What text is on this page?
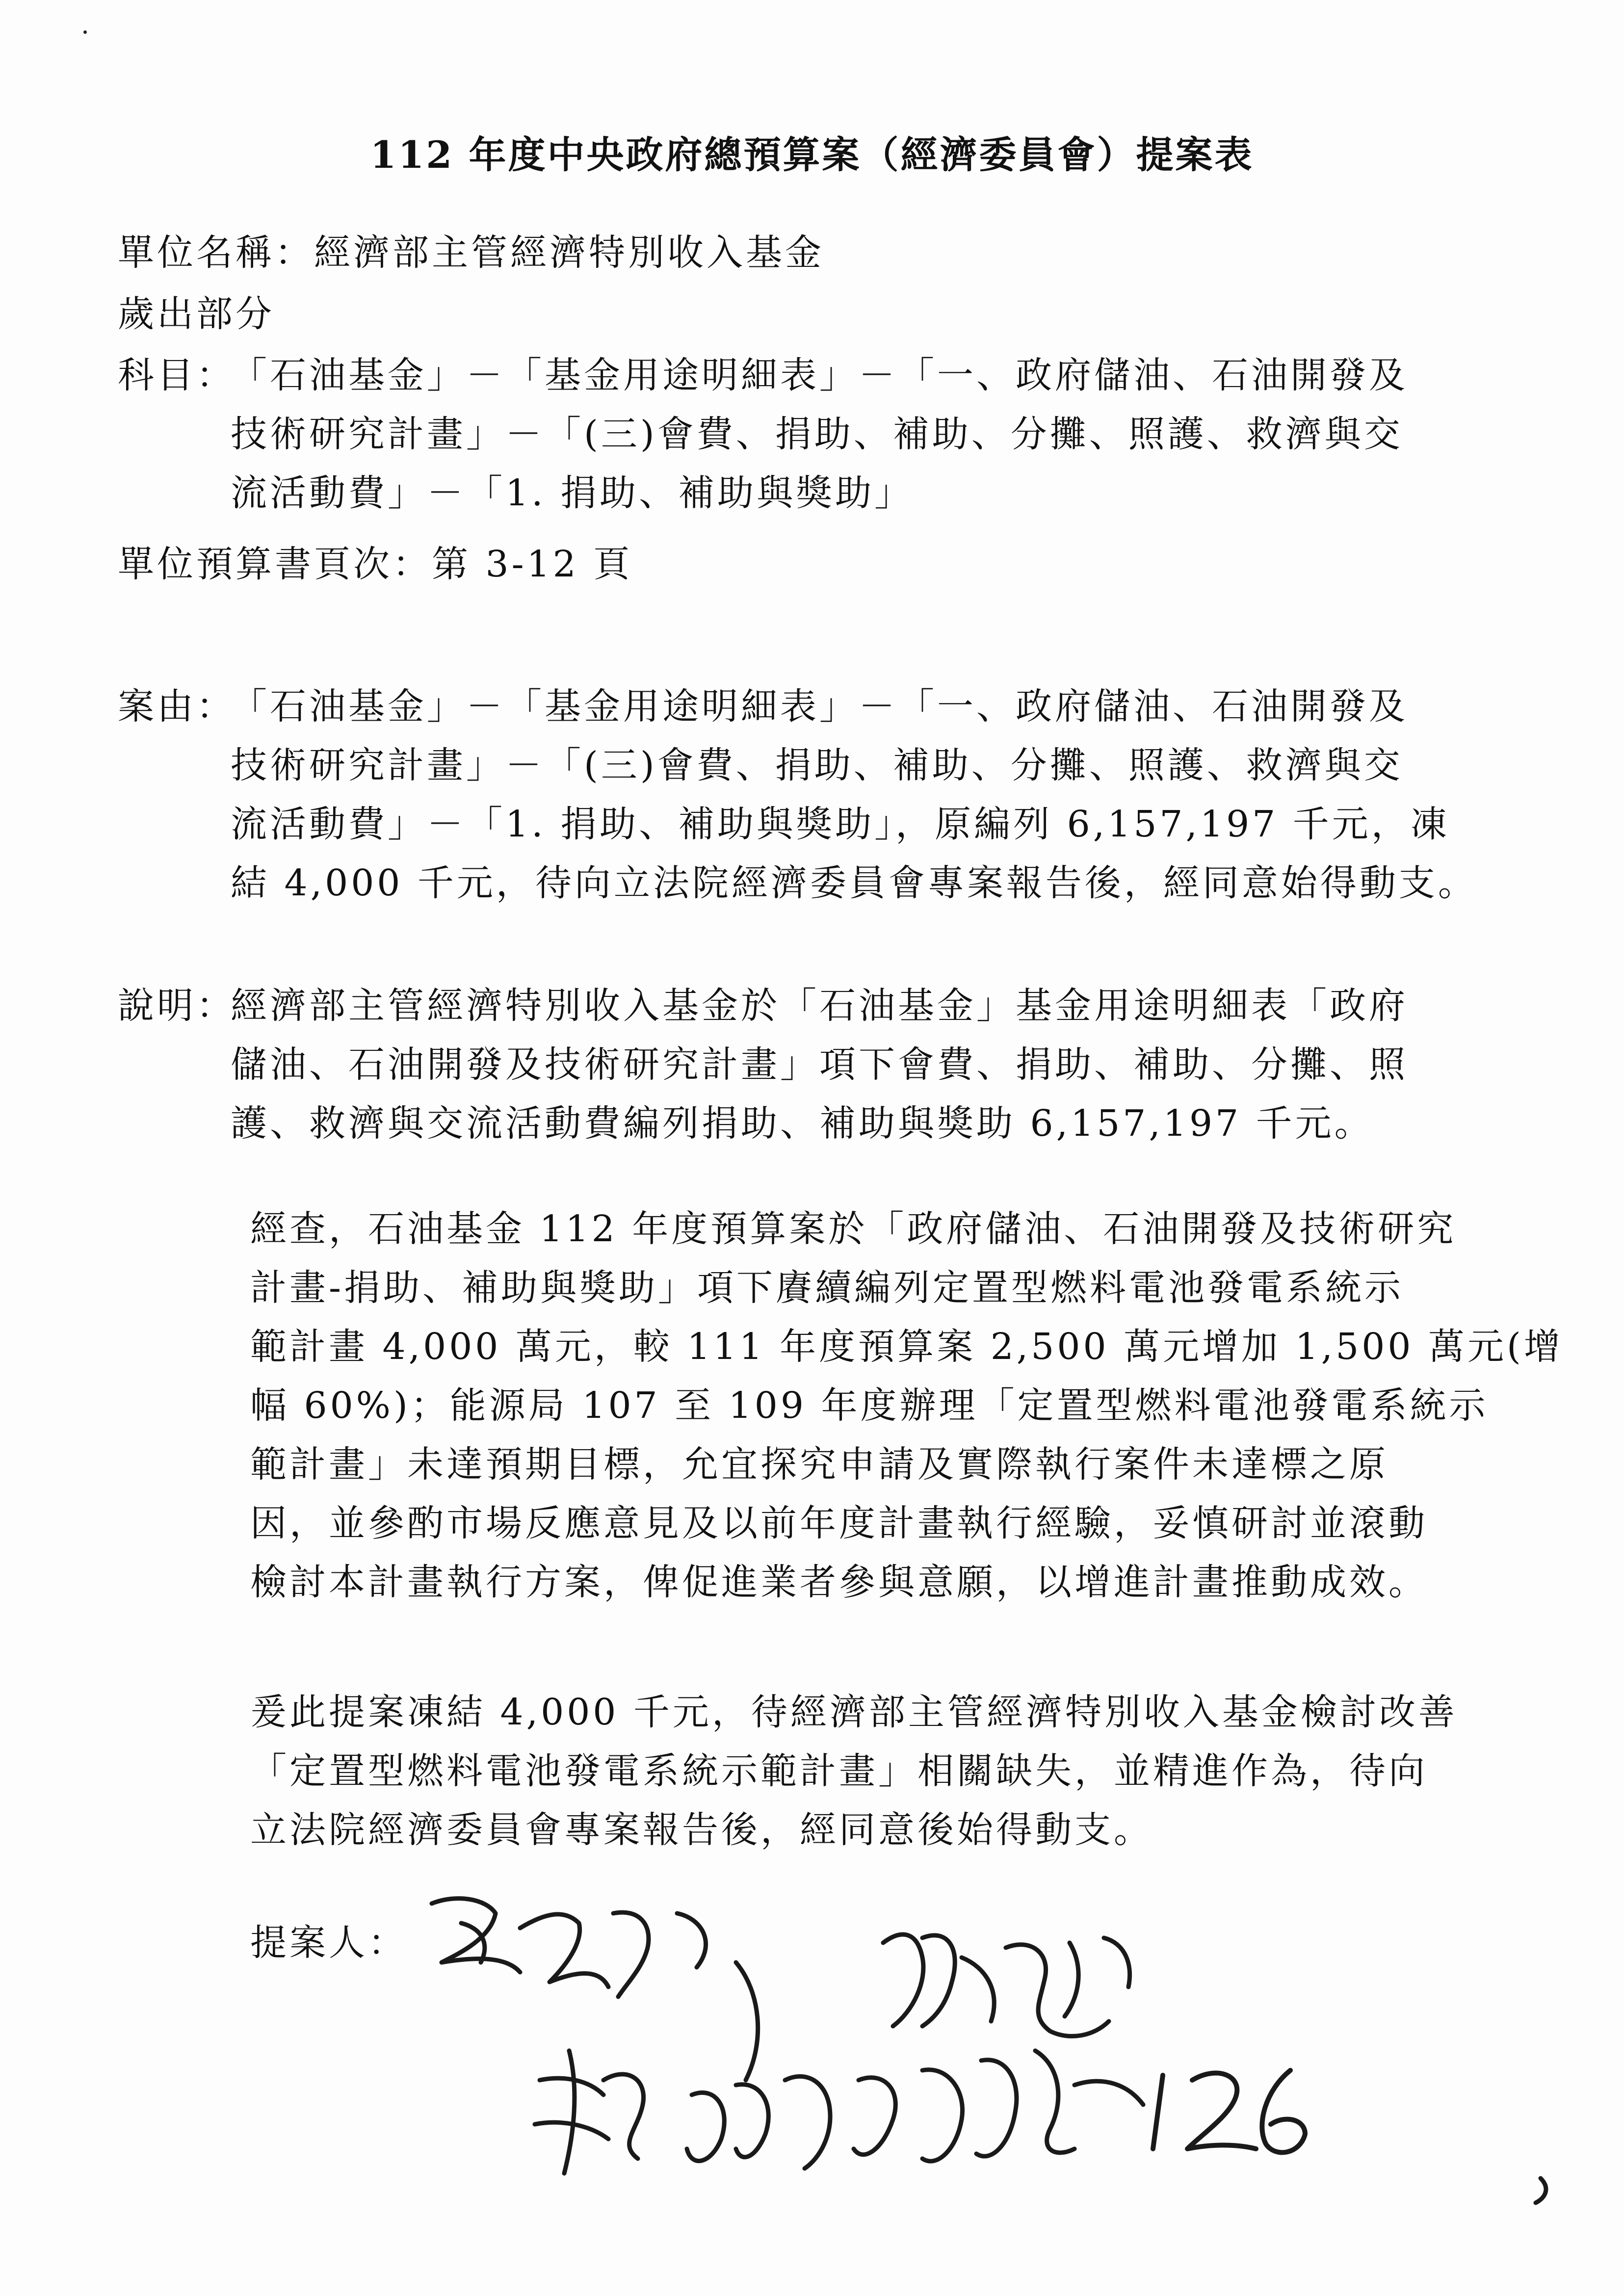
112 年度中央政府總預算案（經濟委員會）提案表
單位名稱：經濟部主管經濟特別收入基金
歲出部分
科目：
「石油基金」－「基金用途明細表」－「一、政府儲油、石油開發及
技術研究計畫」－「(三)會費、捐助、補助、分攤、照護、救濟與交
流活動費」－「1. 捐助、補助與獎助」
單位預算書頁次：第 3-12 頁
案由：
「石油基金」－「基金用途明細表」－「一、政府儲油、石油開發及
技術研究計畫」－「(三)會費、捐助、補助、分攤、照護、救濟與交
流活動費」－「1. 捐助、補助與獎助」，原編列 6,157,197 千元，凍
結 4,000 千元，待向立法院經濟委員會專案報告後，經同意始得動支。
說明：
經濟部主管經濟特別收入基金於「石油基金」基金用途明細表「政府
儲油、石油開發及技術研究計畫」項下會費、捐助、補助、分攤、照
護、救濟與交流活動費編列捐助、補助與獎助 6,157,197 千元。
經查，石油基金 112 年度預算案於「政府儲油、石油開發及技術研究
計畫-捐助、補助與獎助」項下賡續編列定置型燃料電池發電系統示
範計畫 4,000 萬元，較 111 年度預算案 2,500 萬元增加 1,500 萬元(增
幅 60%)；能源局 107 至 109 年度辦理「定置型燃料電池發電系統示
範計畫」未達預期目標，允宜探究申請及實際執行案件未達標之原
因，並參酌市場反應意見及以前年度計畫執行經驗，妥慎研討並滾動
檢討本計畫執行方案，俾促進業者參與意願，以增進計畫推動成效。
爰此提案凍結 4,000 千元，待經濟部主管經濟特別收入基金檢討改善
「定置型燃料電池發電系統示範計畫」相關缺失，並精進作為，待向
立法院經濟委員會專案報告後，經同意後始得動支。
提案人：
